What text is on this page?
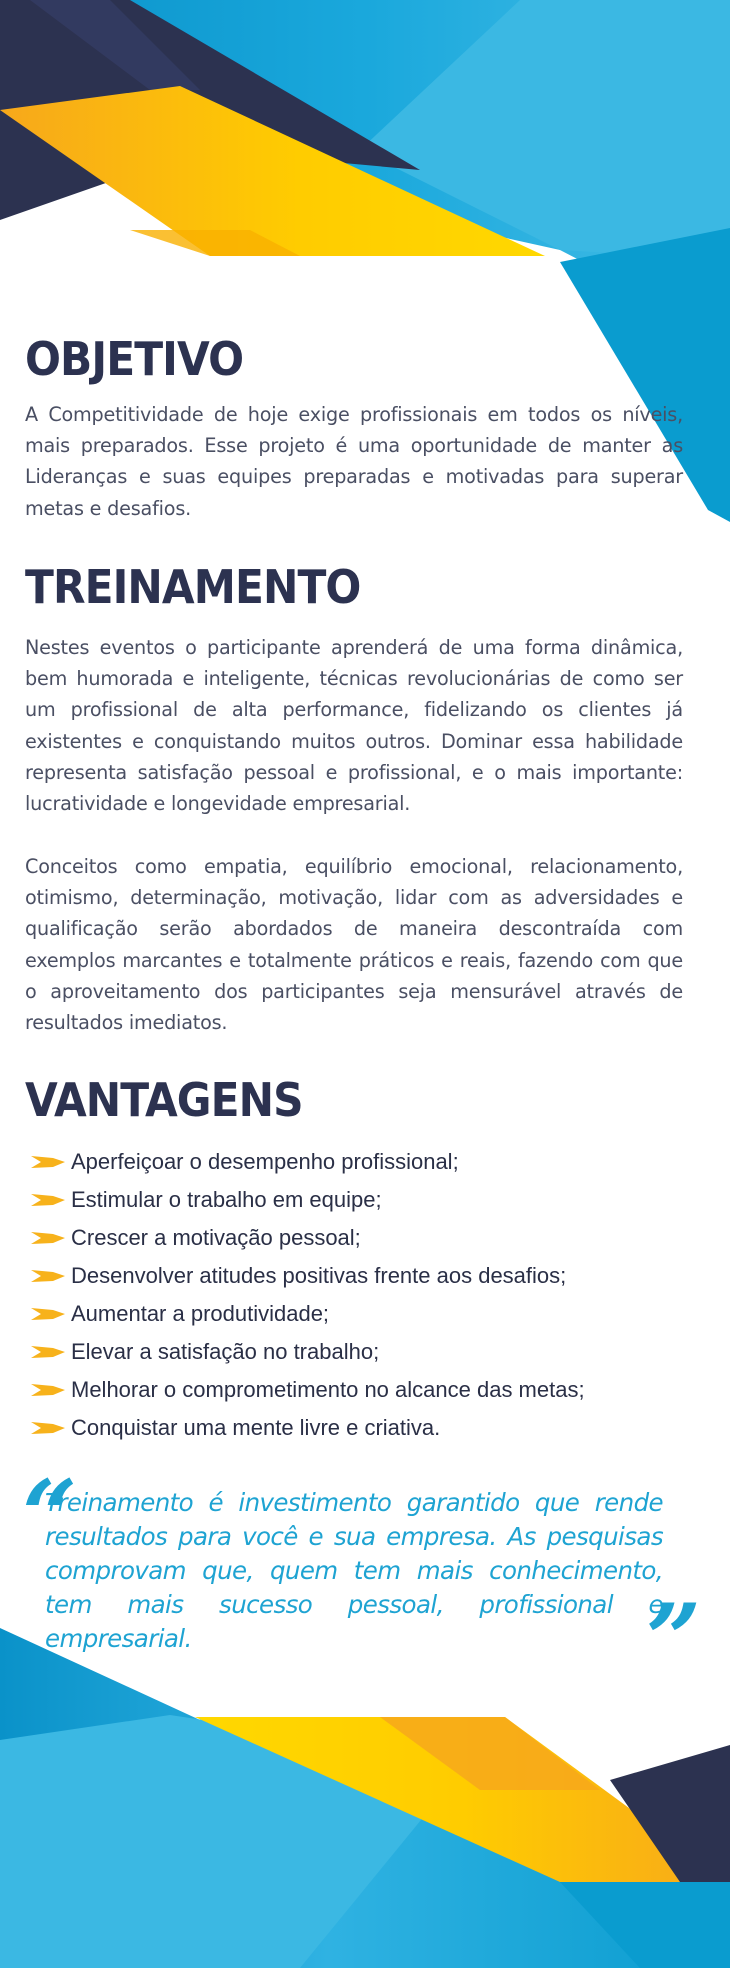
OBJETIVO

A Competitividade de hoje exige profissionais em todos os níveis, mais preparados. Esse projeto é uma oportunidade de manter as Lideranças e suas equipes preparadas e motivadas para superar metas e desafios.

TREINAMENTO

Nestes eventos o participante aprenderá de uma forma dinâmica, bem humorada e inteligente, técnicas revolucionárias de como ser um profissional de alta performance, fidelizando os clientes já existentes e conquistando muitos outros. Dominar essa habilidade representa satisfação pessoal e profissional, e o mais importante: lucratividade e longevidade empresarial.

Conceitos como empatia, equilíbrio emocional, relacionamento, otimismo, determinação, motivação, lidar com as adversidades e qualificação serão abordados de maneira descontraída com exemplos marcantes e totalmente práticos e reais, fazendo com que o aproveitamento dos participantes seja mensurável através de resultados imediatos.

VANTAGENS
Aperfeiçoar o desempenho profissional;
Estimular o trabalho em equipe;
Crescer a motivação pessoal;
Desenvolver atitudes positivas frente aos desafios;
Aumentar a produtividade;
Elevar a satisfação no trabalho;
Melhorar o comprometimento no alcance das metas;
Conquistar uma mente livre e criativa.
“

Treinamento é investimento garantido que rende resultados para você e sua empresa. As pesquisas comprovam que, quem tem mais conhecimento, tem mais sucesso pessoal, profissional e empresarial.	”
